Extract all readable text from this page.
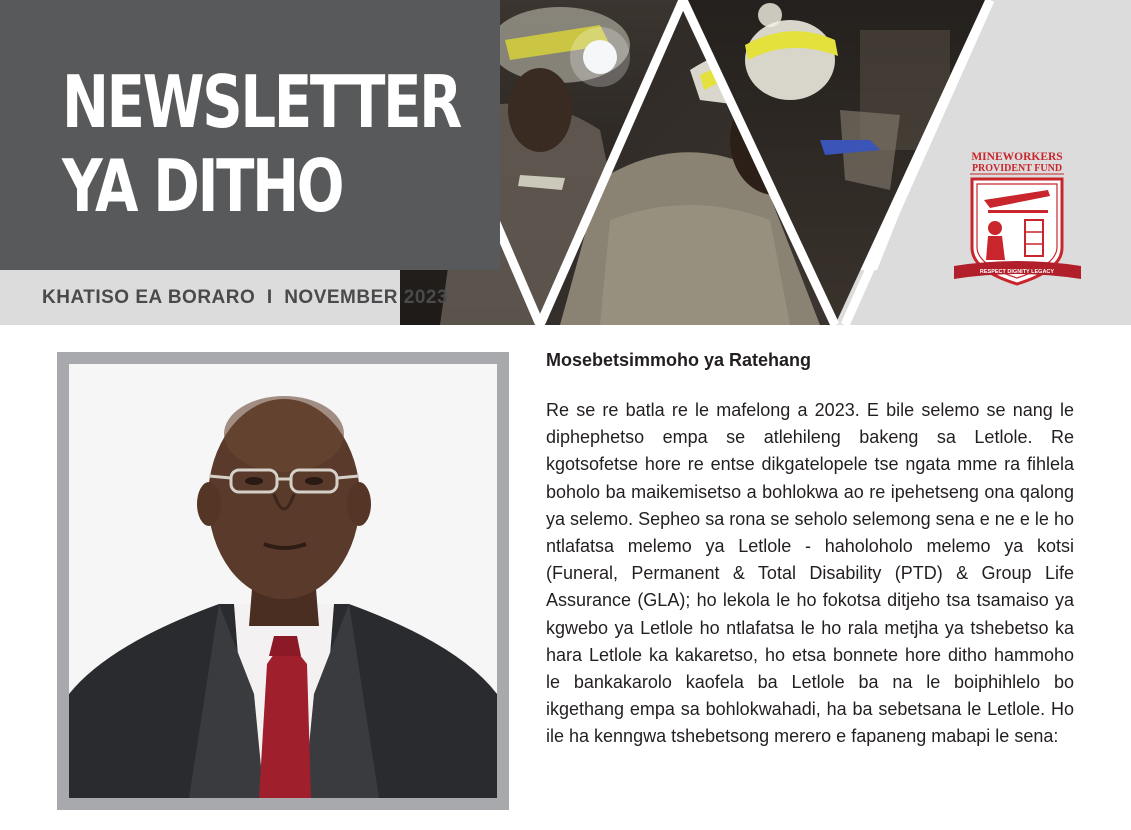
NEWSLETTER
YA DITHO
KHATISO EA BORARO I NOVEMBER 2023
MINEWORKERS
PROVIDENT FUND
RESPECT DIGNITY LEGACY

Mosebetsimmoho ya Ratehang

Re se re batla re le mafelong a 2023. E bile selemo se nang le diphephetso empa se atlehileng bakeng sa Letlole. Re kgotsofetse hore re entse dikgatelopele tse ngata mme ra fihlela boholo ba maikemisetso a bohlokwa ao re ipehetseng ona qalong ya selemo. Sepheo sa rona se seholo selemong sena e ne e le ho ntlafatsa melemo ya Letlole - haholoholo melemo ya kotsi (Funeral, Permanent & Total Disability (PTD) & Group Life Assurance (GLA); ho lekola le ho fokotsa ditjeho tsa tsamaiso ya kgwebo ya Letlole ho ntlafatsa le ho rala metjha ya tshebetso ka hara Letlole ka kakaretso, ho etsa bonnete hore ditho hammoho le bankakarolo kaofela ba Letlole ba na le boiphihlelo bo ikgethang empa sa bohlokwahadi, ha ba sebetsana le Letlole. Ho ile ha kenngwa tshebetsong merero e fapaneng mabapi le sena:
